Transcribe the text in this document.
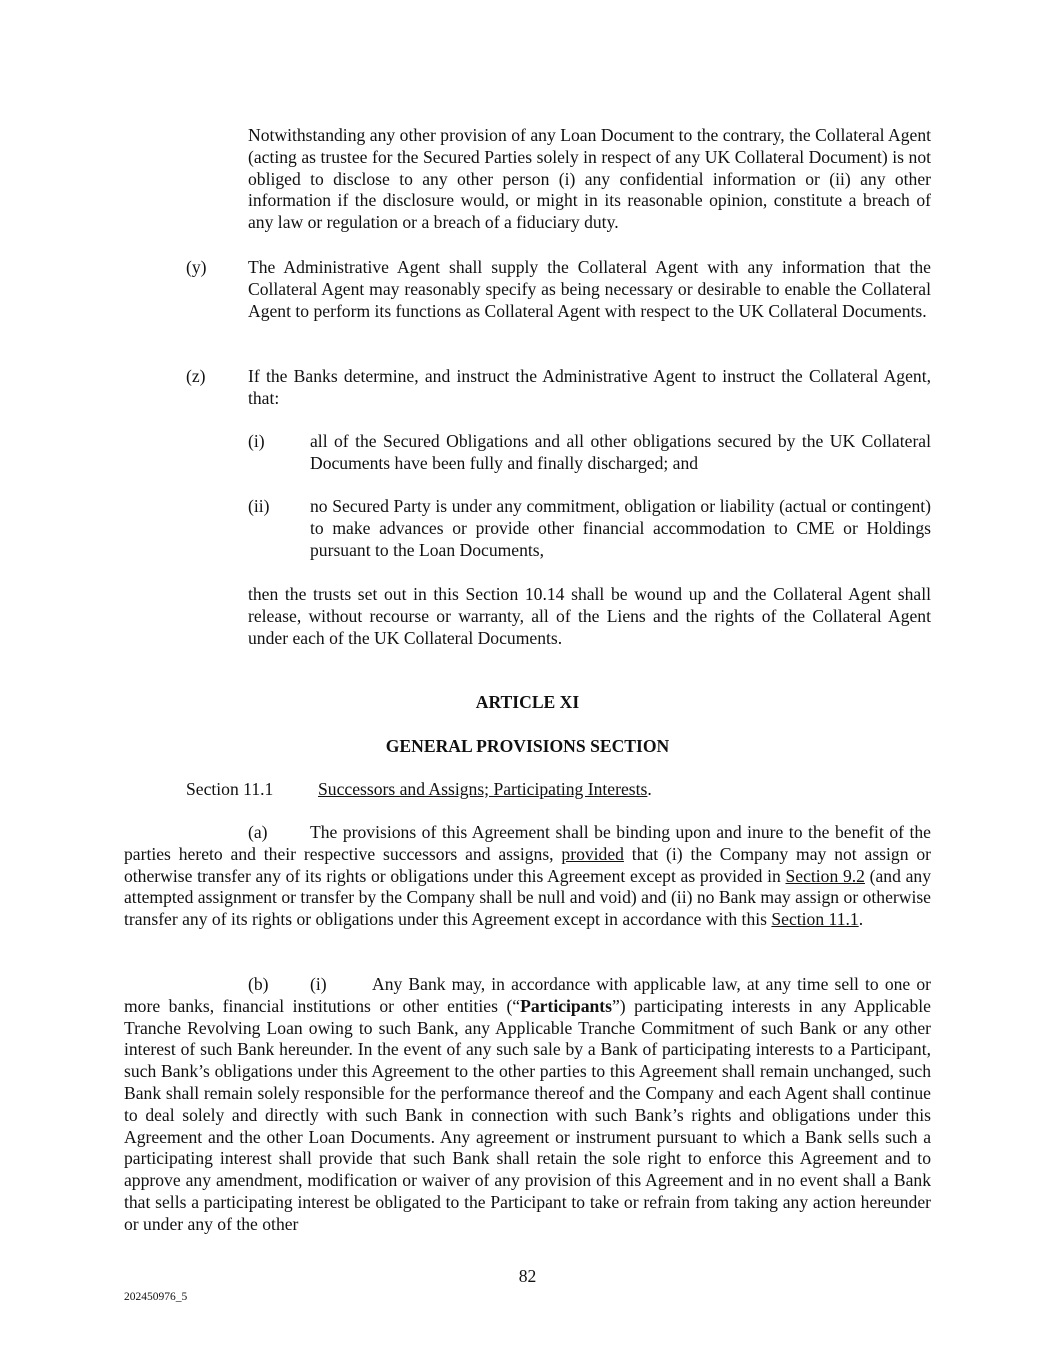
Notwithstanding any other provision of any Loan Document to the contrary, the Collateral Agent (acting as trustee for the Secured Parties solely in respect of any UK Collateral Document) is not obliged to disclose to any other person (i) any confidential information or (ii) any other information if the disclosure would, or might in its reasonable opinion, constitute a breach of any law or regulation or a breach of a fiduciary duty.
(y) The Administrative Agent shall supply the Collateral Agent with any information that the Collateral Agent may reasonably specify as being necessary or desirable to enable the Collateral Agent to perform its functions as Collateral Agent with respect to the UK Collateral Documents.
(z) If the Banks determine, and instruct the Administrative Agent to instruct the Collateral Agent, that:
(i)	all of the Secured Obligations and all other obligations secured by the UK Collateral Documents have been fully and finally discharged; and
(ii) no Secured Party is under any commitment, obligation or liability (actual or contingent) to make advances or provide other financial accommodation to CME or Holdings pursuant to the Loan Documents,
then the trusts set out in this Section 10.14 shall be wound up and the Collateral Agent shall release, without recourse or warranty, all of the Liens and the rights of the Collateral Agent under each of the UK Collateral Documents.
ARTICLE XI
GENERAL PROVISIONS SECTION
Section 11.1	Successors and Assigns; Participating Interests.
(a) The provisions of this Agreement shall be binding upon and inure to the benefit of the parties hereto and their respective successors and assigns, provided that (i) the Company may not assign or otherwise transfer any of its rights or obligations under this Agreement except as provided in Section 9.2 (and any attempted assignment or transfer by the Company shall be null and void) and (ii) no Bank may assign or otherwise transfer any of its rights or obligations under this Agreement except in accordance with this Section 11.1.
(b) (i)	Any Bank may, in accordance with applicable law, at any time sell to one or more banks, financial institutions or other entities (“Participants”) participating interests in any Applicable Tranche Revolving Loan owing to such Bank, any Applicable Tranche Commitment of such Bank or any other interest of such Bank hereunder. In the event of any such sale by a Bank of participating interests to a Participant, such Bank’s obligations under this Agreement to the other parties to this Agreement shall remain unchanged, such Bank shall remain solely responsible for the performance thereof and the Company and each Agent shall continue to deal solely and directly with such Bank in connection with such Bank’s rights and obligations under this Agreement and the other Loan Documents. Any agreement or instrument pursuant to which a Bank sells such a participating interest shall provide that such Bank shall retain the sole right to enforce this Agreement and to approve any amendment, modification or waiver of any provision of this Agreement and in no event shall a Bank that sells a participating interest be obligated to the Participant to take or refrain from taking any action hereunder or under any of the other
82
202450976_5
